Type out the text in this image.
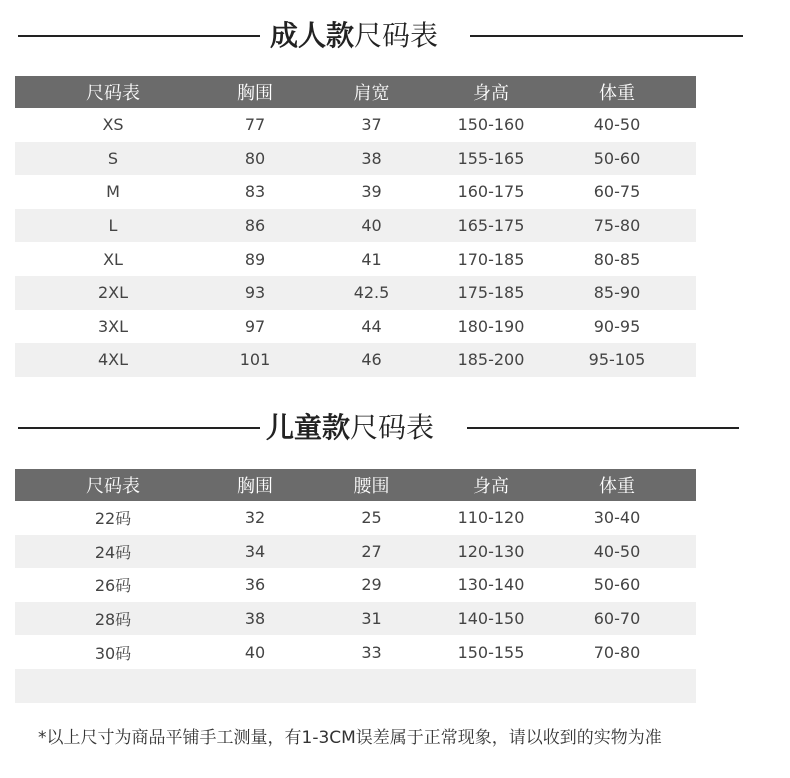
成人款尺码表
尺码表	胸围	肩宽	身高	体重
XS	77	37	150-160	40-50
S	80	38	155-165	50-60
M	83	39	160-175	60-75
L	86	40	165-175	75-80
XL	89	41	170-185	80-85
2XL	93	42.5	175-185	85-90
3XL	97	44	180-190	90-95
4XL	101	46	185-200	95-105
儿童款尺码表
尺码表	胸围	腰围	身高	体重
22码	32	25	110-120	30-40
24码	34	27	120-130	40-50
26码	36	29	130-140	50-60
28码	38	31	140-150	60-70
30码	40	33	150-155	70-80

*以上尺寸为商品平铺手工测量，有1-3CM误差属于正常现象，请以收到的实物为准
